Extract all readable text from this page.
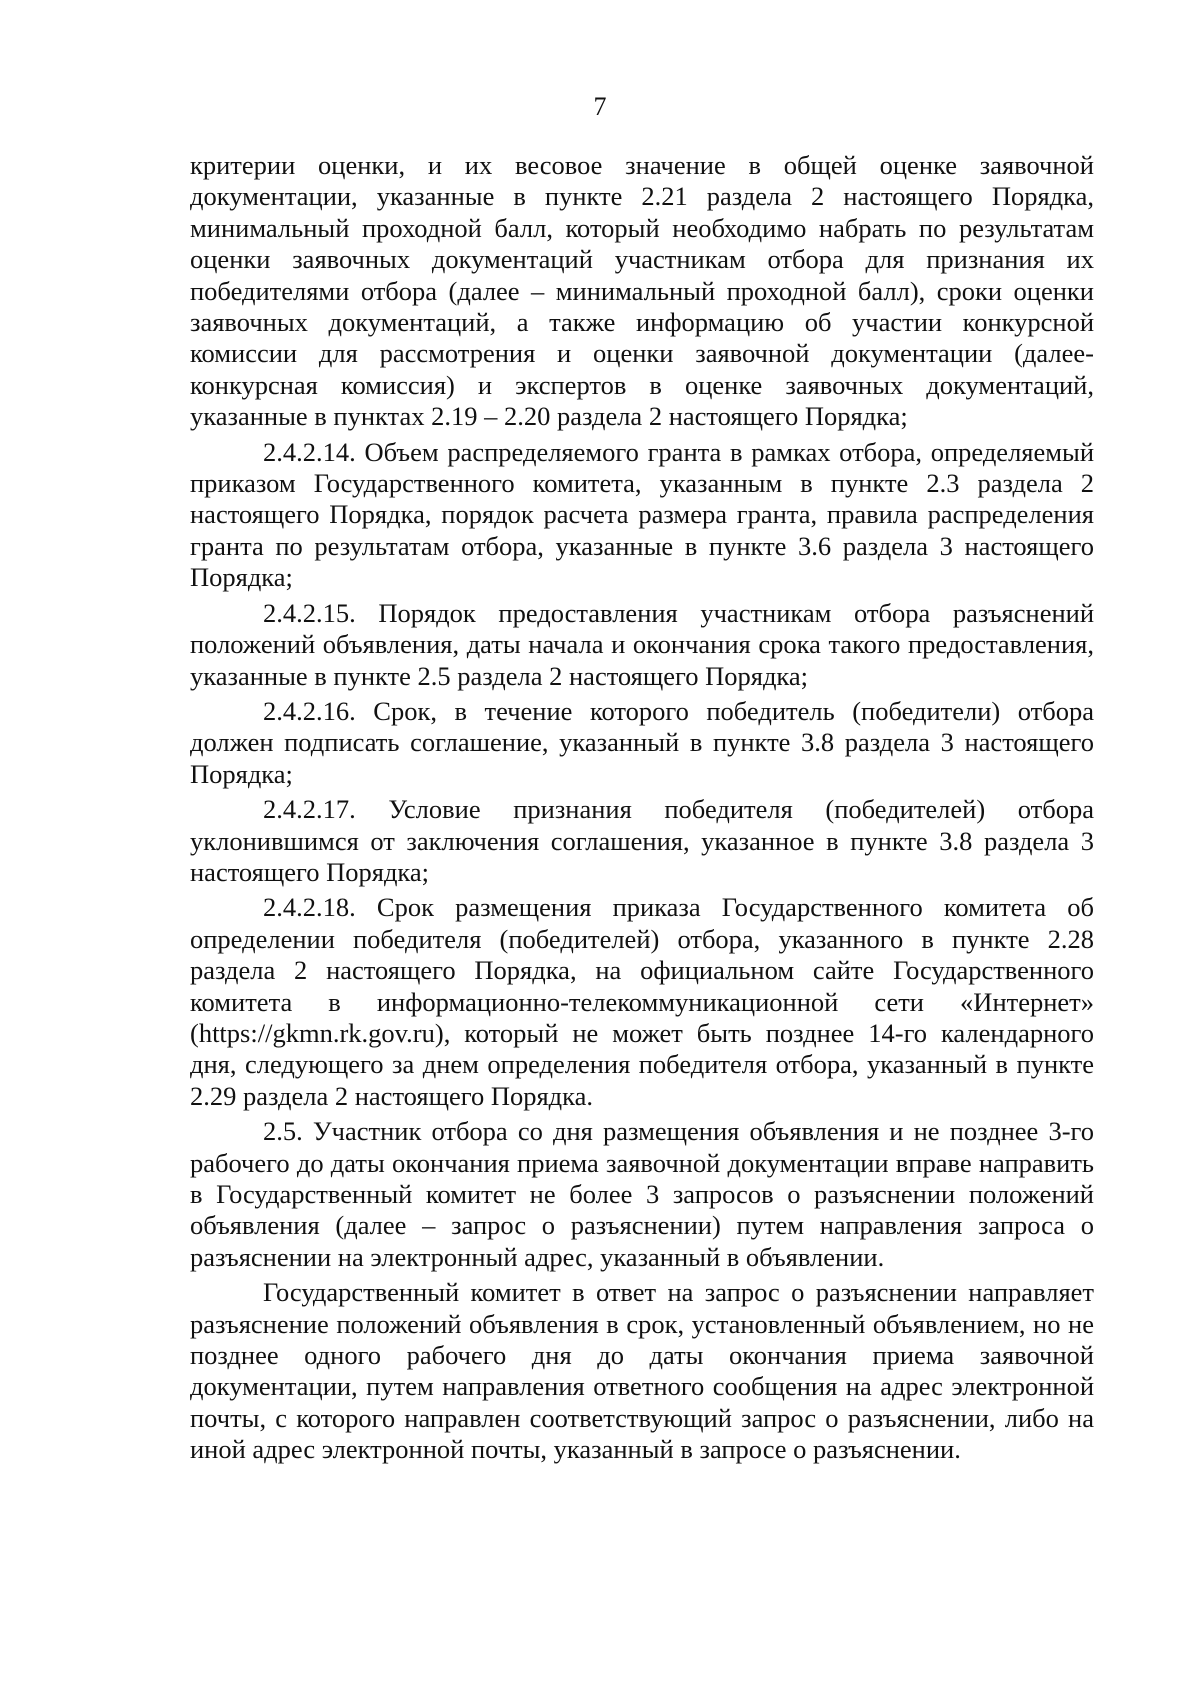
7

критерии оценки, и их весовое значение в общей оценке заявочной документации, указанные в пункте 2.21 раздела 2 настоящего Порядка, минимальный проходной балл, который необходимо набрать по результатам оценки заявочных документаций участникам отбора для признания их победителями отбора (далее – минимальный проходной балл), сроки оценки заявочных документаций, а также информацию об участии конкурсной комиссии для рассмотрения и оценки заявочной документации (далее-конкурсная комиссия) и экспертов в оценке заявочных документаций, указанные в пунктах 2.19 – 2.20 раздела 2 настоящего Порядка;

2.4.2.14. Объем распределяемого гранта в рамках отбора, определяемый приказом Государственного комитета, указанным в пункте 2.3 раздела 2 настоящего Порядка, порядок расчета размера гранта, правила распределения гранта по результатам отбора, указанные в пункте 3.6 раздела 3 настоящего Порядка;

2.4.2.15. Порядок предоставления участникам отбора разъяснений положений объявления, даты начала и окончания срока такого предоставления, указанные в пункте 2.5 раздела 2 настоящего Порядка;

2.4.2.16. Срок, в течение которого победитель (победители) отбора должен подписать соглашение, указанный в пункте 3.8 раздела 3 настоящего Порядка;

2.4.2.17. Условие признания победителя (победителей) отбора уклонившимся от заключения соглашения, указанное в пункте 3.8 раздела 3 настоящего Порядка;

2.4.2.18. Срок размещения приказа Государственного комитета об определении победителя (победителей) отбора, указанного в пункте 2.28 раздела 2 настоящего Порядка, на официальном сайте Государственного комитета в информационно-телекоммуникационной сети «Интернет» (https://gkmn.rk.gov.ru), который не может быть позднее 14-го календарного дня, следующего за днем определения победителя отбора, указанный в пункте 2.29 раздела 2 настоящего Порядка.

2.5. Участник отбора со дня размещения объявления и не позднее 3-го рабочего до даты окончания приема заявочной документации вправе направить в Государственный комитет не более 3 запросов о разъяснении положений объявления (далее – запрос о разъяснении) путем направления запроса о разъяснении на электронный адрес, указанный в объявлении.

Государственный комитет в ответ на запрос о разъяснении направляет разъяснение положений объявления в срок, установленный объявлением, но не позднее одного рабочего дня до даты окончания приема заявочной документации, путем направления ответного сообщения на адрес электронной почты, с которого направлен соответствующий запрос о разъяснении, либо на иной адрес электронной почты, указанный в запросе о разъяснении.
